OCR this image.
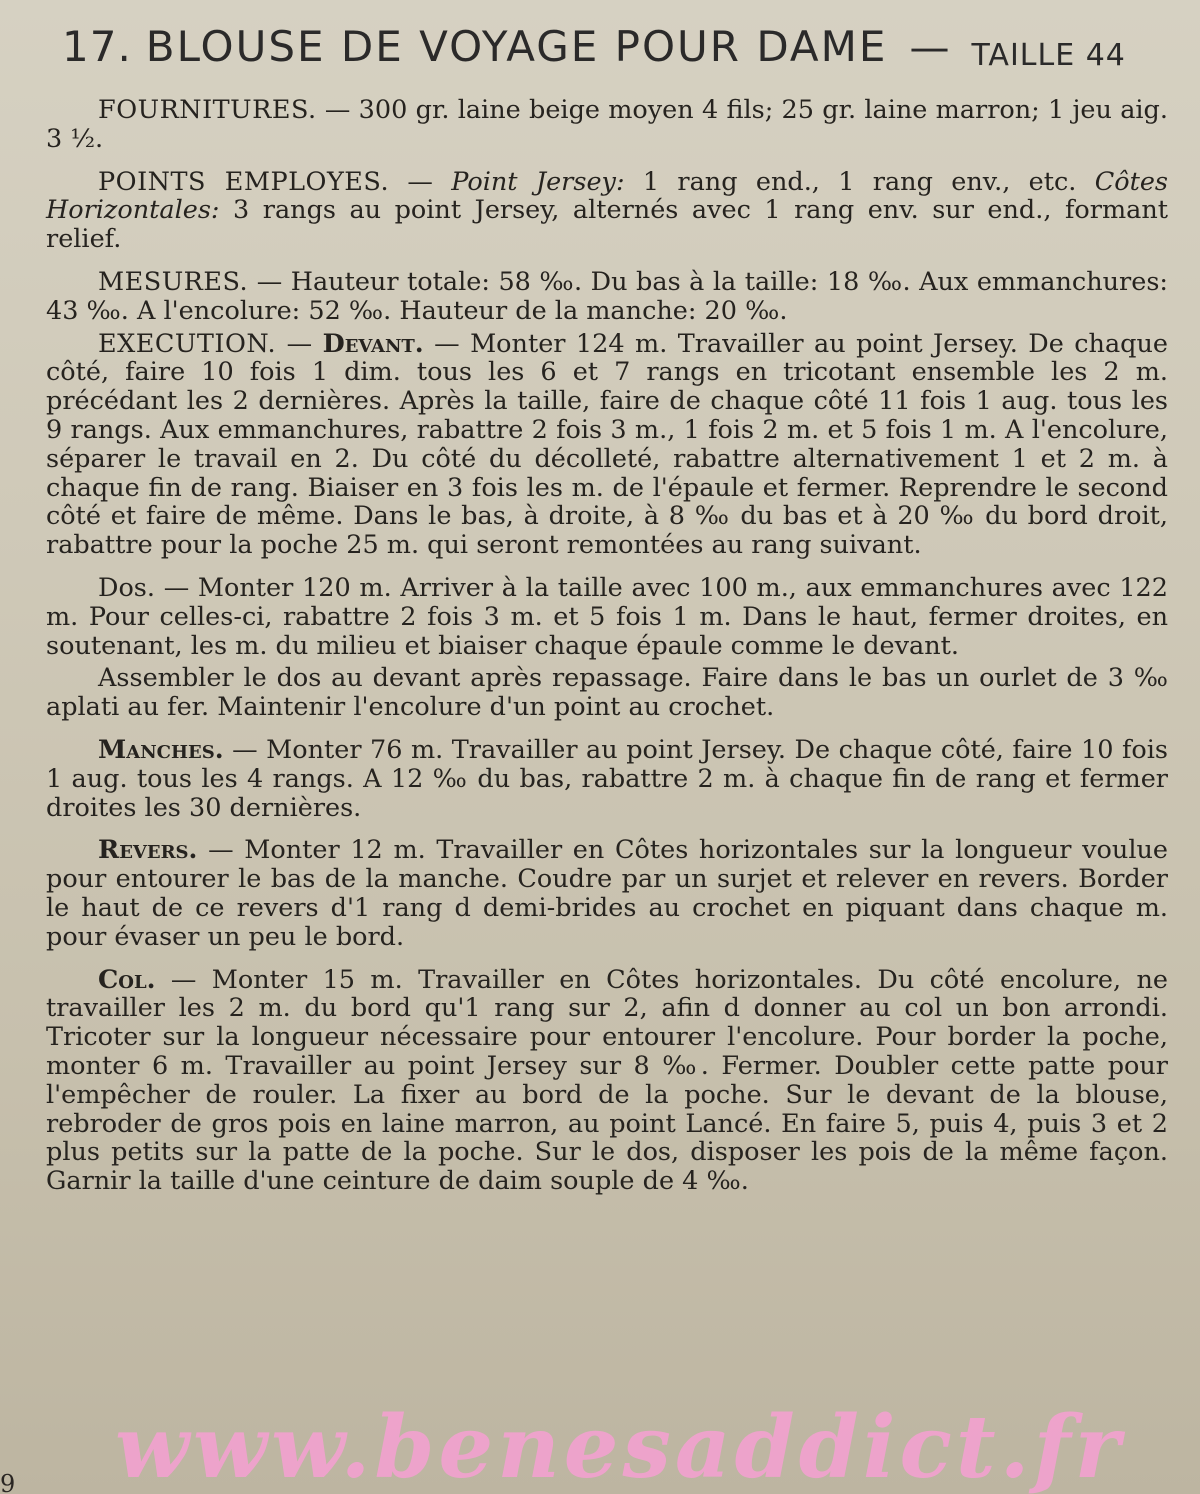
17. BLOUSE DE VOYAGE POUR DAME — TAILLE 44

FOURNITURES. — 300 gr. laine beige moyen 4 fils; 25 gr. laine marron; 1 jeu aig. 3 ½.

POINTS EMPLOYES. — Point Jersey: 1 rang end., 1 rang env., etc. Côtes Horizontales: 3 rangs au point Jersey, alternés avec 1 rang env. sur end., formant relief.

MESURES. — Hauteur totale: 58 ‰. Du bas à la taille: 18 ‰. Aux emmanchures: 43 ‰. A l'encolure: 52 ‰. Hauteur de la manche: 20 ‰.

EXECUTION. — Devant. — Monter 124 m. Travailler au point Jersey. De chaque côté, faire 10 fois 1 dim. tous les 6 et 7 rangs en tricotant ensemble les 2 m. précédant les 2 dernières. Après la taille, faire de chaque côté 11 fois 1 aug. tous les 9 rangs. Aux emmanchures, rabattre 2 fois 3 m., 1 fois 2 m. et 5 fois 1 m. A l'encolure, séparer le travail en 2. Du côté du décolleté, rabattre alternativement 1 et 2 m. à chaque fin de rang. Biaiser en 3 fois les m. de l'épaule et fermer. Reprendre le second côté et faire de même. Dans le bas, à droite, à 8 ‰ du bas et à 20 ‰ du bord droit, rabattre pour la poche 25 m. qui seront remontées au rang suivant.

Dos. — Monter 120 m. Arriver à la taille avec 100 m., aux emmanchures avec 122 m. Pour celles-ci, rabattre 2 fois 3 m. et 5 fois 1 m. Dans le haut, fermer droites, en soutenant, les m. du milieu et biaiser chaque épaule comme le devant.

Assembler le dos au devant après repassage. Faire dans le bas un ourlet de 3 ‰ aplati au fer. Maintenir l'encolure d'un point au crochet.

Manches. — Monter 76 m. Travailler au point Jersey. De chaque côté, faire 10 fois 1 aug. tous les 4 rangs. A 12 ‰ du bas, rabattre 2 m. à chaque fin de rang et fermer droites les 30 dernières.

Revers. — Monter 12 m. Travailler en Côtes horizontales sur la longueur voulue pour entourer le bas de la manche. Coudre par un surjet et relever en revers. Border le haut de ce revers d'1 rang d demi-brides au crochet en piquant dans chaque m. pour évaser un peu le bord.

Col. — Monter 15 m. Travailler en Côtes horizontales. Du côté encolure, ne travailler les 2 m. du bord qu'1 rang sur 2, afin d donner au col un bon arrondi. Tricoter sur la longueur nécessaire pour entourer l'encolure. Pour border la poche, monter 6 m. Travailler au point Jersey sur 8 ‰. Fermer. Doubler cette patte pour l'empêcher de rouler. La fixer au bord de la poche. Sur le devant de la blouse, rebroder de gros pois en laine marron, au point Lancé. En faire 5, puis 4, puis 3 et 2 plus petits sur la patte de la poche. Sur le dos, disposer les pois de la même façon. Garnir la taille d'une ceinture de daim souple de 4 ‰.

9 www.benesaddict.fr
